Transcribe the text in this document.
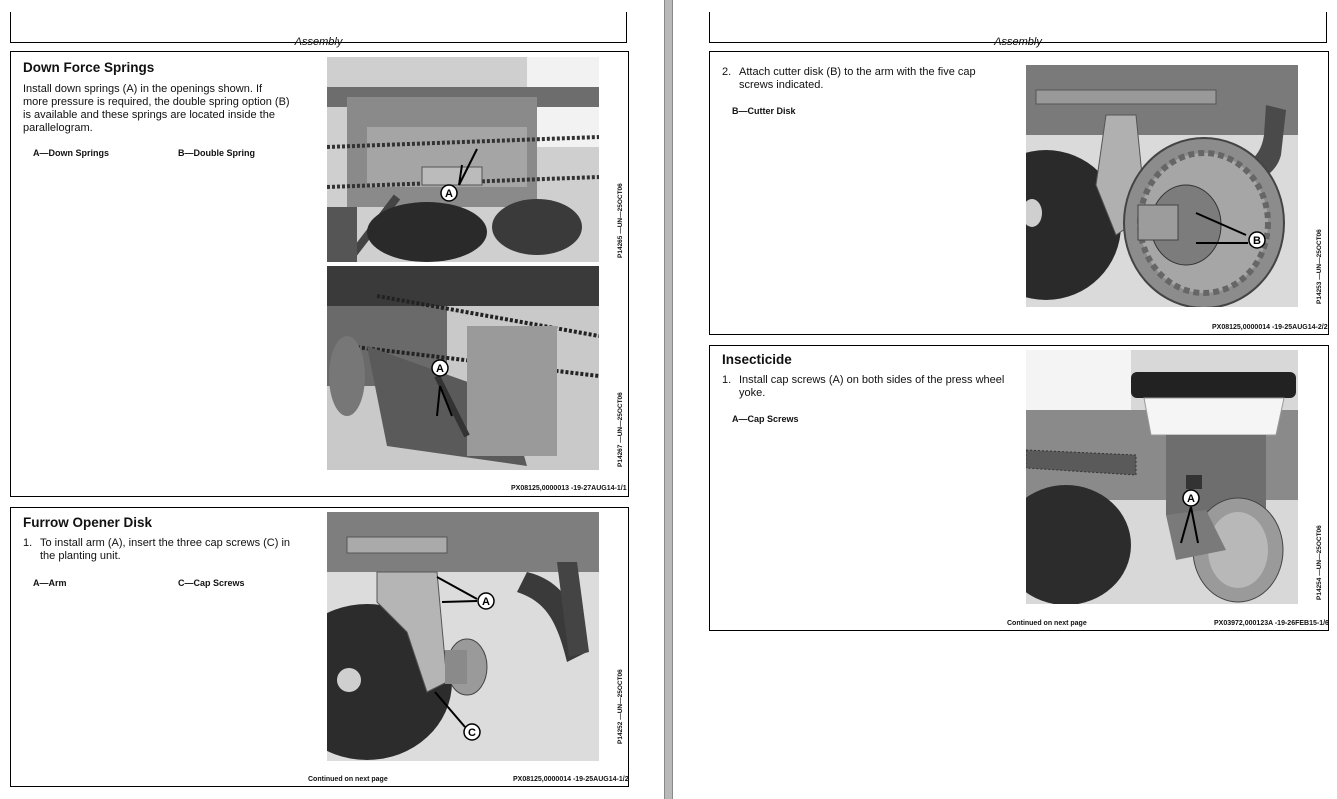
Assembly
Down Force Springs
Install down springs (A) in the openings shown. If
more pressure is required, the double spring option (B)
is available and these springs are located inside the
parallelogram.
A—Down Springs	B—Double Spring
A	P14265 —UN—25OCT06
A
P14267 —UN—25OCT06
PX08125,0000013 -19-27AUG14-1/1
Furrow Opener Disk
1. To install arm (A), insert the three cap screws (C) in
the planting unit.
A—Arm	C—Cap Screws
A
C	P14252 —UN—25OCT06
Continued on next page	PX08125,0000014 -19-25AUG14-1/2
Assembly
2. Attach cutter disk (B) to the arm with the five cap
screws indicated.
B—Cutter Disk
B	P14253 —UN—25OCT06
PX08125,0000014 -19-25AUG14-2/2
Insecticide
1. Install cap screws (A) on both sides of the press wheel
yoke.
A—Cap Screws
A
P14254 —UN—25OCT06
Continued on next page	PX03972,000123A -19-26FEB15-1/6
